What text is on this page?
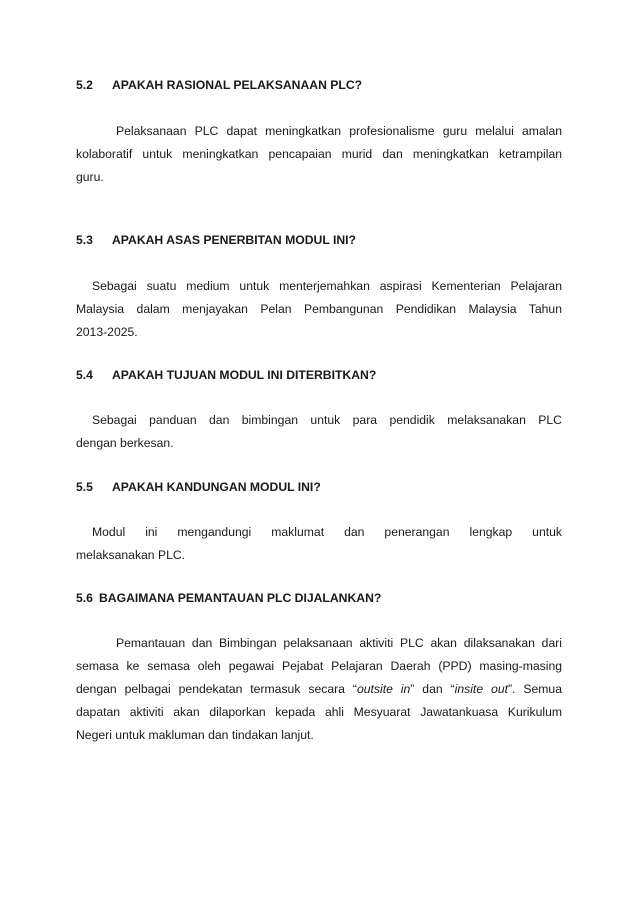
5.2 APAKAH RASIONAL PELAKSANAAN PLC?
Pelaksanaan PLC dapat meningkatkan profesionalisme guru melalui amalan
kolaboratif untuk meningkatkan pencapaian murid dan meningkatkan ketrampilan
guru.
5.3 APAKAH ASAS PENERBITAN MODUL INI?
Sebagai suatu medium untuk menterjemahkan aspirasi Kementerian Pelajaran
Malaysia dalam menjayakan Pelan Pembangunan Pendidikan Malaysia Tahun
2013-2025.
5.4 APAKAH TUJUAN MODUL INI DITERBITKAN?
Sebagai panduan dan bimbingan untuk para pendidik melaksanakan PLC
dengan berkesan.
5.5 APAKAH KANDUNGAN MODUL INI?
Modul ini mengandungi maklumat dan penerangan lengkap untuk
melaksanakan PLC.
5.6 BAGAIMANA PEMANTAUAN PLC DIJALANKAN?
Pemantauan dan Bimbingan pelaksanaan aktiviti PLC akan dilaksanakan dari
semasa ke semasa oleh pegawai Pejabat Pelajaran Daerah (PPD) masing-masing
dengan pelbagai pendekatan termasuk secara “outsite in” dan “insite out”. Semua
dapatan aktiviti akan dilaporkan kepada ahli Mesyuarat Jawatankuasa Kurikulum
Negeri untuk makluman dan tindakan lanjut.
